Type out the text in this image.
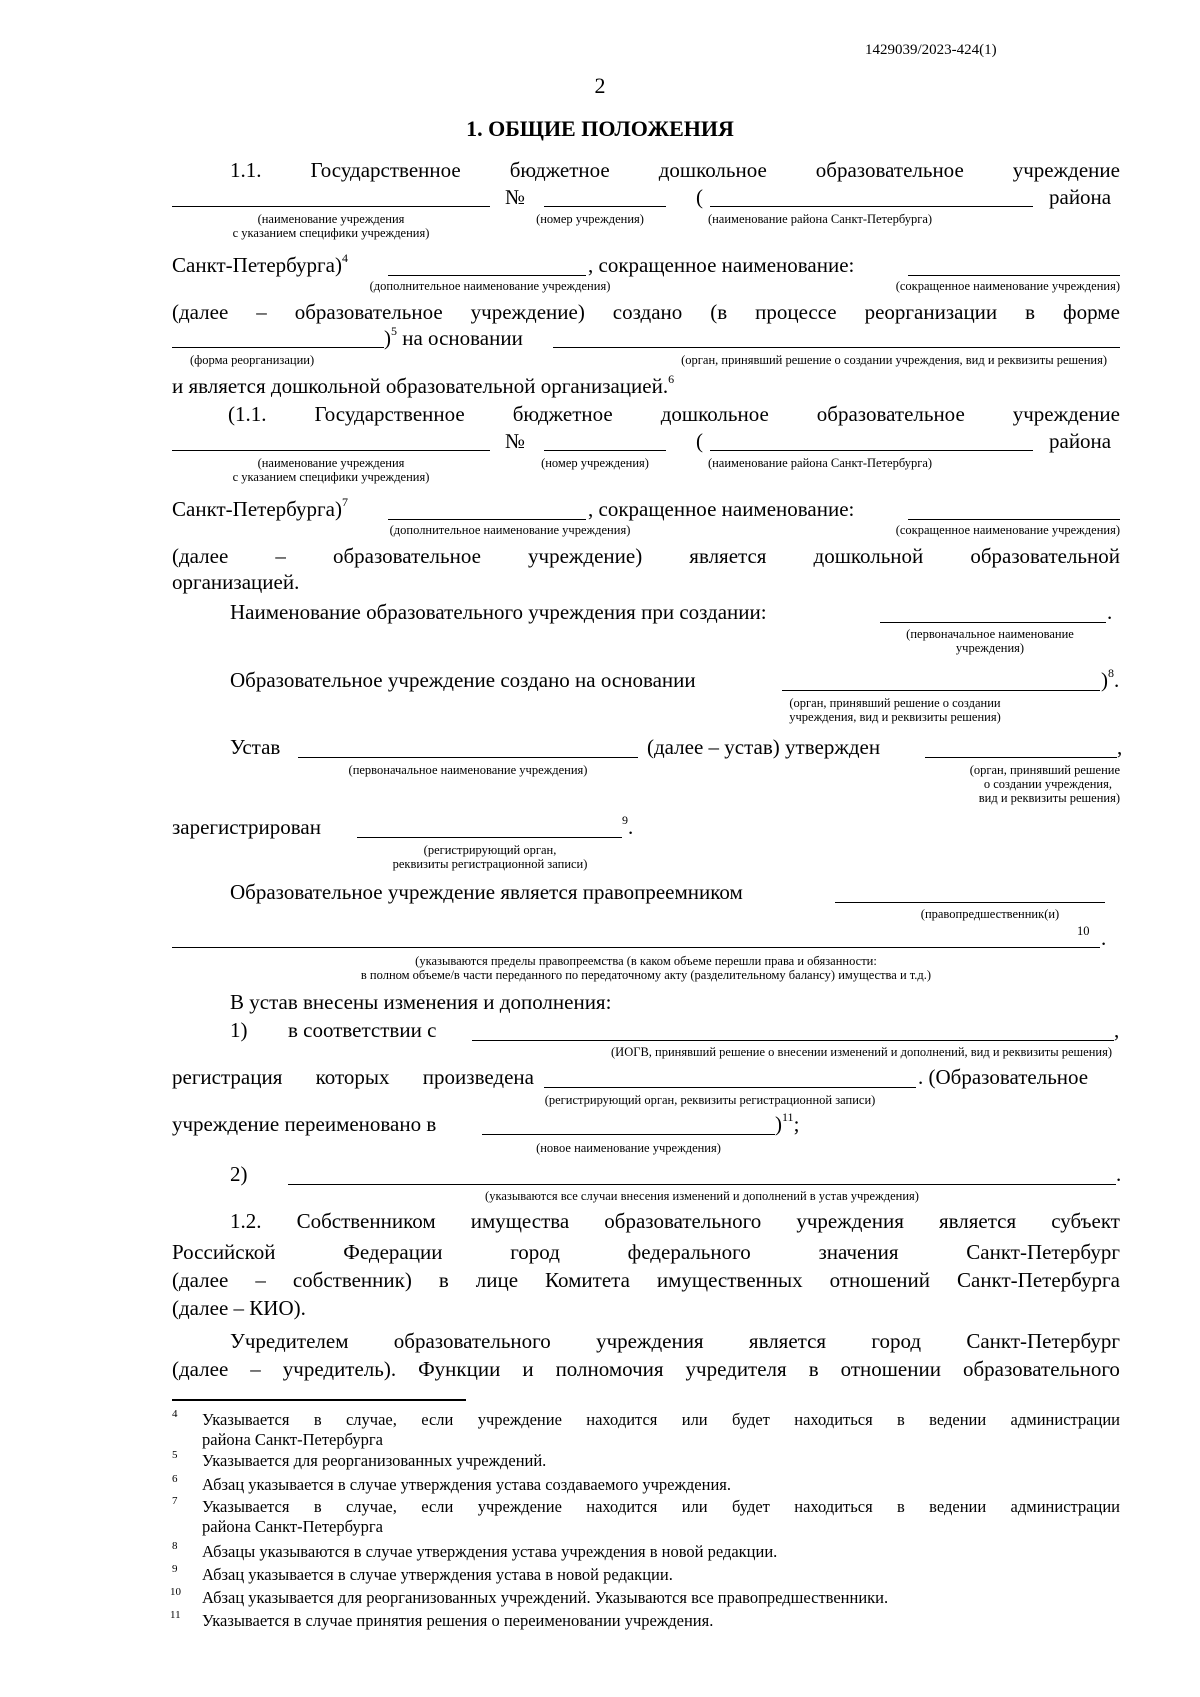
1429039/2023-424(1)
2
1. ОБЩИЕ ПОЛОЖЕНИЯ
1.1. Государственное бюджетное дошкольное образовательное учреждение
№	(	района
(наименование учреждения
с указанием специфики учреждения)
(номер учреждения)	(наименование района Санкт-Петербурга)
Санкт-Петербурга)$^4$	, сокращенное наименование:
(дополнительное наименование учреждения)	(сокращенное наименование учреждения)
(далее – образовательное учреждение) создано (в процессе реорганизации в форме
)$^5$ на основании
(форма реорганизации)	(орган, принявший решение о создании учреждения, вид и реквизиты решения)
и является дошкольной образовательной организацией.$^6$
(1.1. Государственное бюджетное дошкольное образовательное учреждение
№	(	района
(наименование учреждения
с указанием специфики учреждения)
(номер учреждения)	(наименование района Санкт-Петербурга)
Санкт-Петербурга)$^7$	, сокращенное наименование:
(дополнительное наименование учреждения)	(сокращенное наименование учреждения)
(далее – образовательное учреждение) является дошкольной образовательной
организацией.
Наименование образовательного учреждения при создании:	.
(первоначальное наименование
учреждения)
Образовательное учреждение создано на основании	)$^8$.
(орган, принявший решение о создании
учреждения, вид и реквизиты решения)
Устав	(далее – устав) утвержден	,
(первоначальное наименование учреждения)	(орган, принявший решение
о создании учреждения,
вид и реквизиты решения)
зарегистрирован	$^9$.
(регистрирующий орган,
реквизиты регистрационной записи)
Образовательное учреждение является правопреемником
(правопредшественник(и)
10 .
(указываются пределы правопреемства (в каком объеме перешли права и обязанности:
в полном объеме/в части переданного по передаточному акту (разделительному балансу) имущества и т.д.)
В устав внесены изменения и дополнения:
1) в соответствии с	,
(ИОГВ, принявший решение о внесении изменений и дополнений, вид и реквизиты решения)
регистрация которых произведена	. (Образовательное
(регистрирующий орган, реквизиты регистрационной записи)
учреждение переименовано в	)$^{11}$;
(новое наименование учреждения)
2)	.
(указываются все случаи внесения изменений и дополнений в устав учреждения)
1.2. Собственником имущества образовательного учреждения является субъект
Российской	Федерации	город	федерального	значения	Санкт-Петербург
(далее – собственник) в лице Комитета имущественных отношений Санкт-Петербурга
(далее – КИО).
Учредителем образовательного учреждения является город Санкт-Петербург
(далее – учредитель). Функции и полномочия учредителя в отношении образовательного
4 Указывается в случае, если учреждение находится или будет находиться в ведении администрации
района Санкт-Петербурга
5 Указывается для реорганизованных учреждений.
6 Абзац указывается в случае утверждения устава создаваемого учреждения.
7 Указывается в случае, если учреждение находится или будет находиться в ведении администрации
района Санкт-Петербурга
8 Абзацы указываются в случае утверждения устава учреждения в новой редакции.
9 Абзац указывается в случае утверждения устава в новой редакции.
10 Абзац указывается для реорганизованных учреждений. Указываются все правопредшественники.
11 Указывается в случае принятия решения о переименовании учреждения.
